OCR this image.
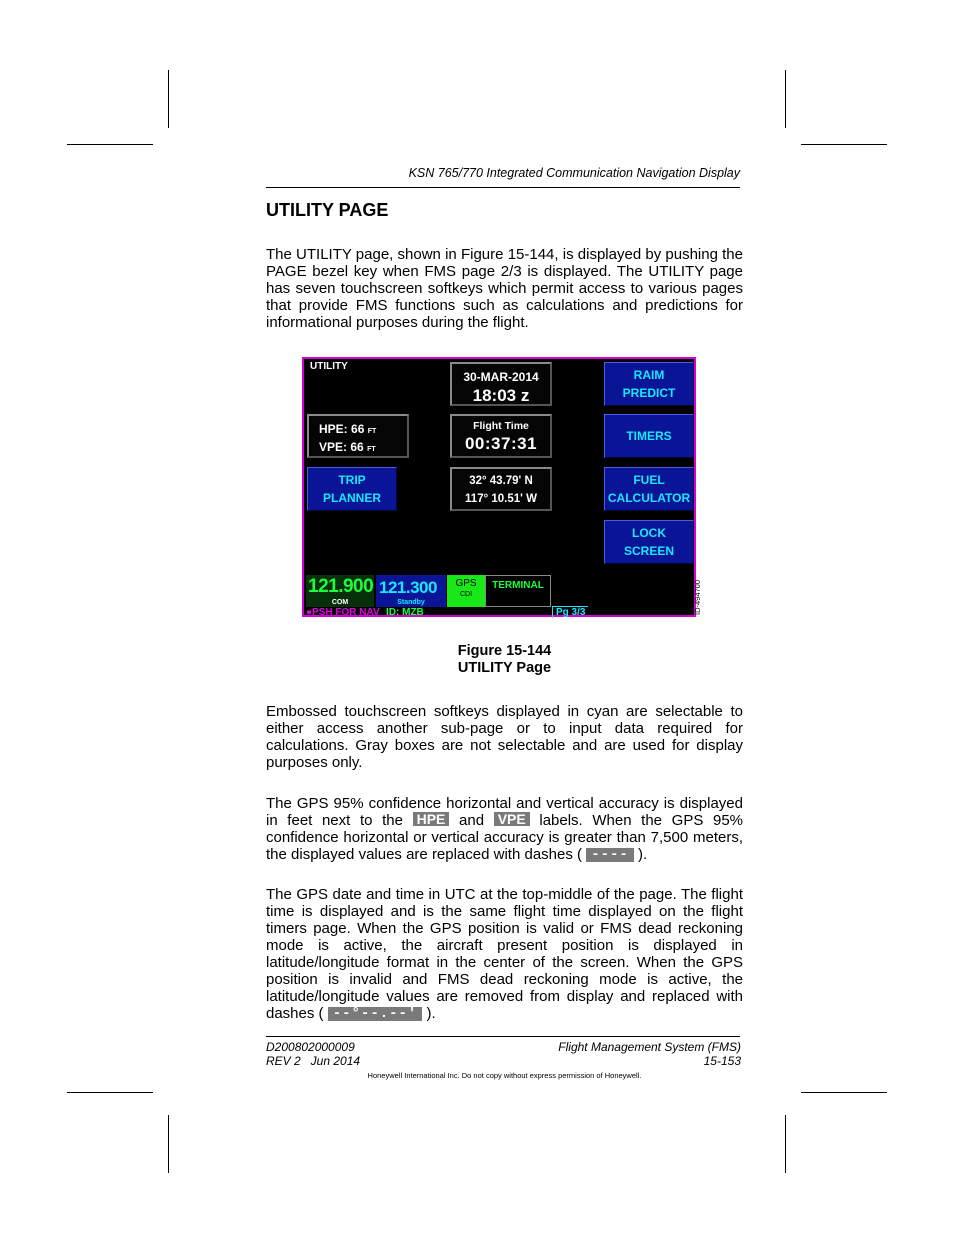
KSN 765/770 Integrated Communication Navigation Display
UTILITY PAGE

The UTILITY page, shown in Figure 15-144, is displayed by pushing the PAGE bezel key when FMS page 2/3 is displayed. The UTILITY page has seven touchscreen softkeys which permit access to various pages that provide FMS functions such as calculations and predictions for informational purposes during the flight.

UTILITY
30-MAR-2014
18:03 z
RAIM
PREDICT
HPE: 66 FT
VPE: 66 FT
Flight Time
00:37:31	TIMERS
TRIP
PLANNER
32° 43.79' N
117° 10.51' W
FUEL
CALCULATOR
LOCK
SCREEN
121.900
COM
121.300
Standby
GPS
CDI
TERMINAL
●PSH FOR NAV ID: MZB	Pg 3/3	ID-494700
Figure 15-144
UTILITY Page

Embossed touchscreen softkeys displayed in cyan are selectable to either access another sub-page or to input data required for calculations. Gray boxes are not selectable and are used for display purposes only.

The GPS 95% confidence horizontal and vertical accuracy is displayed in feet next to the HPE and VPE labels. When the GPS 95% confidence horizontal or vertical accuracy is greater than 7,500 meters, the displayed values are replaced with dashes ( ---- ).

The GPS date and time in UTC at the top-middle of the page. The flight time is displayed and is the same flight time displayed on the flight timers page. When the GPS position is valid or FMS dead reckoning mode is active, the aircraft present position is displayed in latitude/longitude format in the center of the screen. When the GPS position is invalid and FMS dead reckoning mode is active, the latitude/longitude values are removed from display and replaced with dashes ( --°--.--' ).

D200802000009
REV 2   Jun 2014
Flight Management System (FMS)
15-153
Honeywell International Inc. Do not copy without express permission of Honeywell.
